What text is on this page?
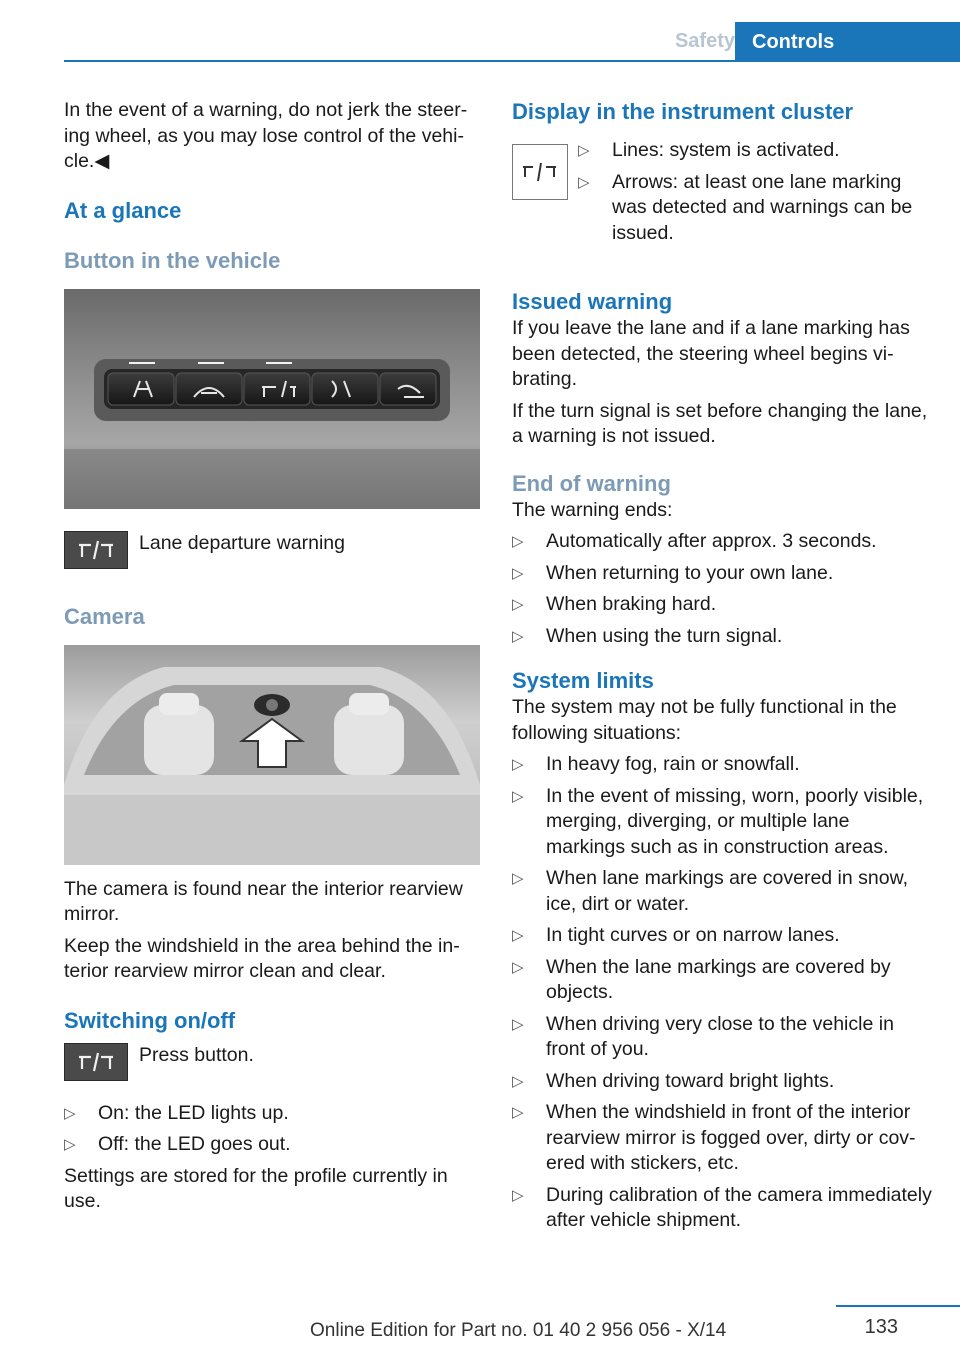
Safety Controls

In the event of a warning, do not jerk the steering wheel, as you may lose control of the vehicle.◀

At a glance
Button in the vehicle
Lane departure warning
Camera

The camera is found near the interior rearview mirror.

Keep the windshield in the area behind the interior rearview mirror clean and clear.

Switching on/off
Press button.
▷ On: the LED lights up.
▷ Off: the LED goes out.

Settings are stored for the profile currently in use.

Display in the instrument cluster
▷ Lines: system is activated.
▷ Arrows: at least one lane marking was detected and warnings can be issued.
Issued warning

If you leave the lane and if a lane marking has been detected, the steering wheel begins vibrating.

If the turn signal is set before changing the lane, a warning is not issued.

End of warning

The warning ends:

▷ Automatically after approx. 3 seconds.
▷ When returning to your own lane.
▷ When braking hard.
▷ When using the turn signal.
System limits

The system may not be fully functional in the following situations:

▷ In heavy fog, rain or snowfall.
▷ In the event of missing, worn, poorly visible, merging, diverging, or multiple lane markings such as in construction areas.
▷ When lane markings are covered in snow, ice, dirt or water.
▷ In tight curves or on narrow lanes.
▷ When the lane markings are covered by objects.
▷ When driving very close to the vehicle in front of you.
▷ When driving toward bright lights.
▷ When the windshield in front of the interior rearview mirror is fogged over, dirty or covered with stickers, etc.
▷ During calibration of the camera immediately after vehicle shipment.
133
Online Edition for Part no. 01 40 2 956 056 - X/14
